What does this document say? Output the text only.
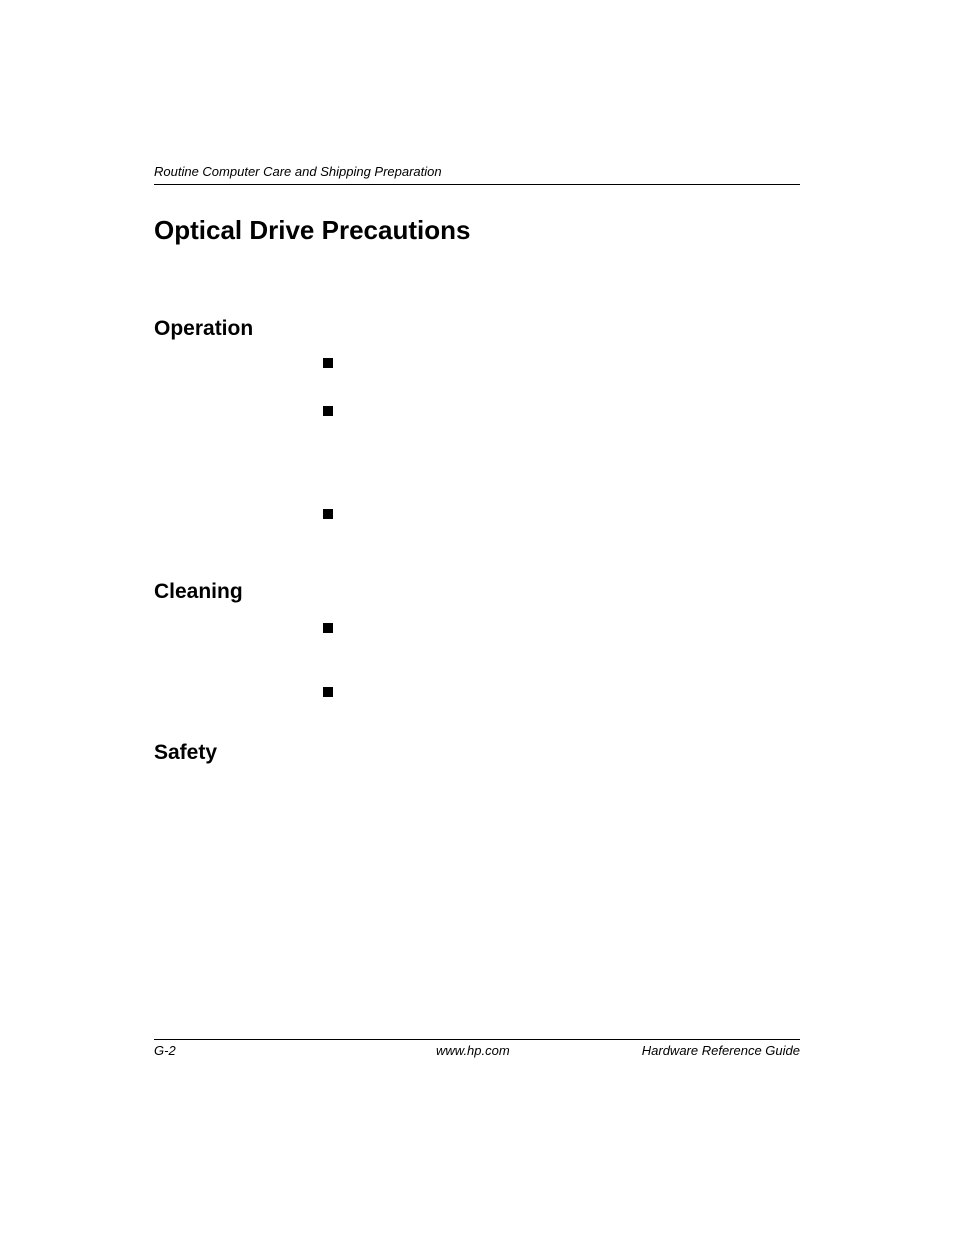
Routine Computer Care and Shipping Preparation
Optical Drive Precautions
Operation
Cleaning
Safety
G-2	www.hp.com	Hardware Reference Guide
